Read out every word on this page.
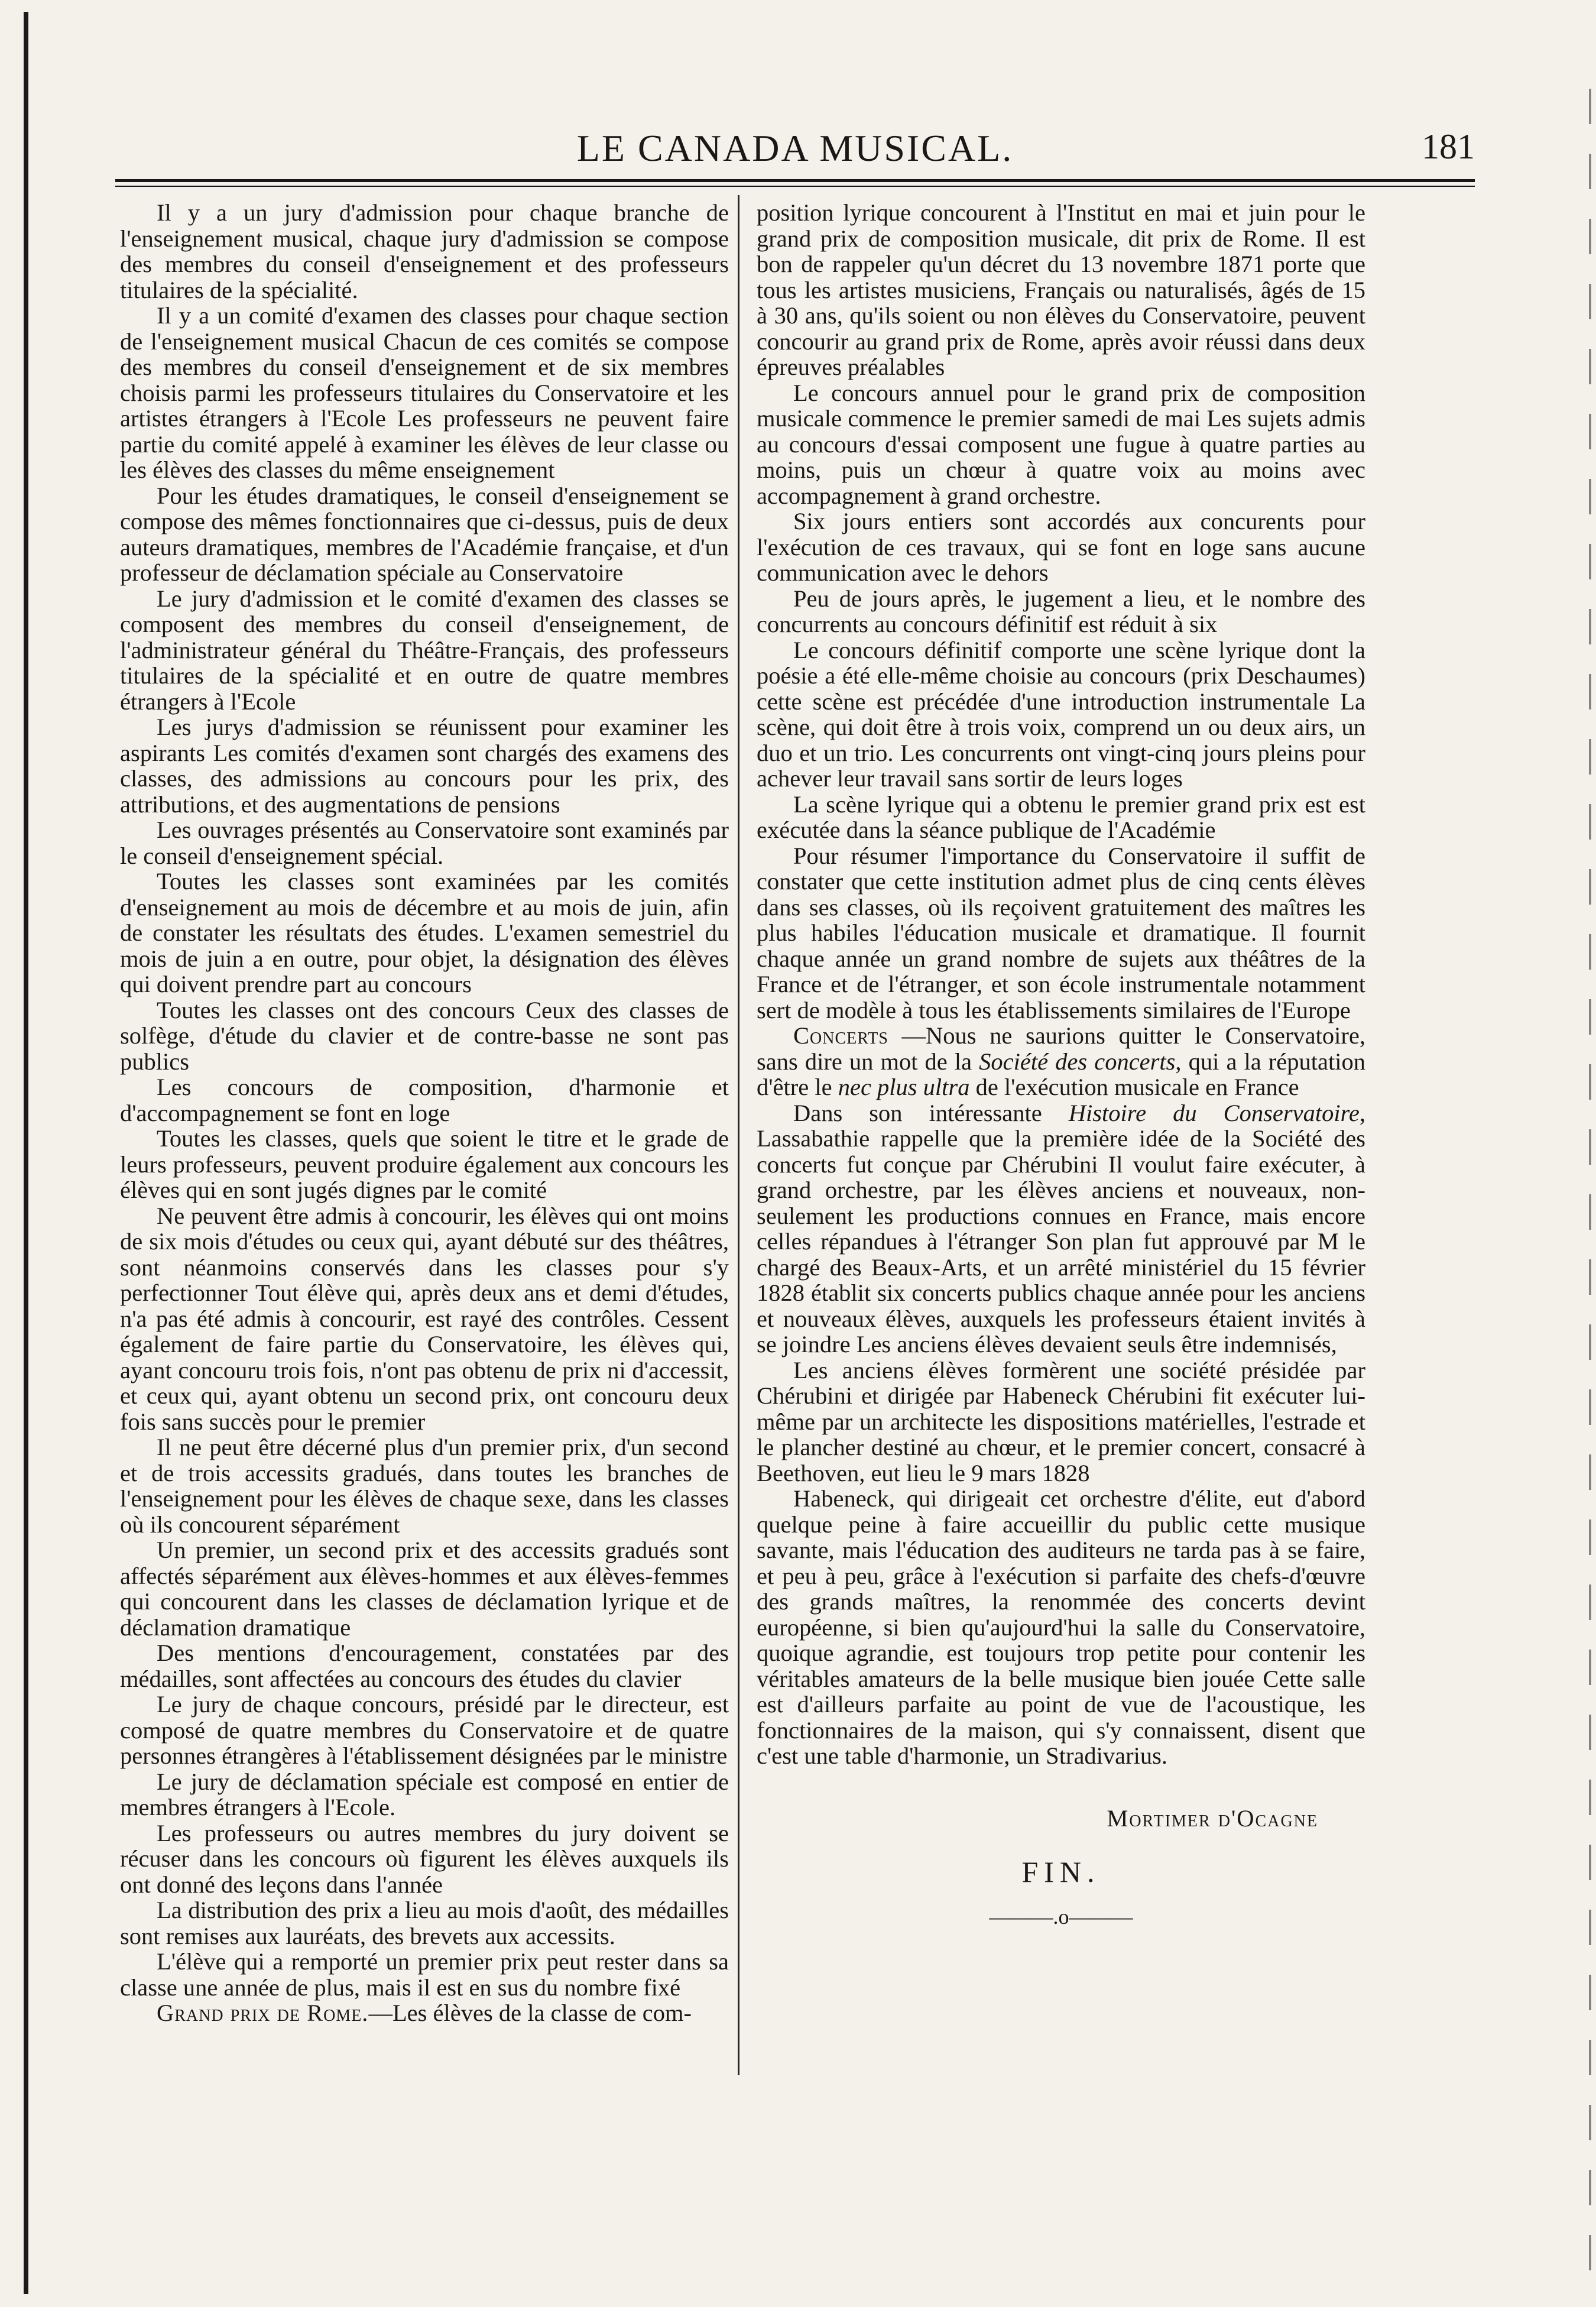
LE CANADA MUSICAL.	181

Il y a un jury d'admission pour chaque branche de l'enseignement musical, chaque jury d'admission se compose des membres du conseil d'enseignement et des professeurs titulaires de la spécialité.

Il y a un comité d'examen des classes pour chaque section de l'enseignement musical Chacun de ces comités se compose des membres du conseil d'enseignement et de six membres choisis parmi les professeurs titulaires du Conservatoire et les artistes étrangers à l'Ecole Les professeurs ne peuvent faire partie du comité appelé à examiner les élèves de leur classe ou les élèves des classes du même enseignement

Pour les études dramatiques, le conseil d'enseignement se compose des mêmes fonctionnaires que ci-dessus, puis de deux auteurs dramatiques, membres de l'Académie française, et d'un professeur de déclamation spéciale au Conservatoire

Le jury d'admission et le comité d'examen des classes se composent des membres du conseil d'enseignement, de l'administrateur général du Théâtre-Français, des professeurs titulaires de la spécialité et en outre de quatre membres étrangers à l'Ecole

Les jurys d'admission se réunissent pour examiner les aspirants Les comités d'examen sont chargés des examens des classes, des admissions au concours pour les prix, des attributions, et des augmentations de pensions

Les ouvrages présentés au Conservatoire sont examinés par le conseil d'enseignement spécial.

Toutes les classes sont examinées par les comités d'enseignement au mois de décembre et au mois de juin, afin de constater les résultats des études. L'examen semestriel du mois de juin a en outre, pour objet, la désignation des élèves qui doivent prendre part au concours

Toutes les classes ont des concours Ceux des classes de solfège, d'étude du clavier et de contre-basse ne sont pas publics

Les concours de composition, d'harmonie et d'accompagnement se font en loge

Toutes les classes, quels que soient le titre et le grade de leurs professeurs, peuvent produire également aux concours les élèves qui en sont jugés dignes par le comité

Ne peuvent être admis à concourir, les élèves qui ont moins de six mois d'études ou ceux qui, ayant débuté sur des théâtres, sont néanmoins conservés dans les classes pour s'y perfectionner Tout élève qui, après deux ans et demi d'études, n'a pas été admis à concourir, est rayé des contrôles. Cessent également de faire partie du Conservatoire, les élèves qui, ayant concouru trois fois, n'ont pas obtenu de prix ni d'accessit, et ceux qui, ayant obtenu un second prix, ont concouru deux fois sans succès pour le premier

Il ne peut être décerné plus d'un premier prix, d'un second et de trois accessits gradués, dans toutes les branches de l'enseignement pour les élèves de chaque sexe, dans les classes où ils concourent séparément

Un premier, un second prix et des accessits gradués sont affectés séparément aux élèves-hommes et aux élèves-femmes qui concourent dans les classes de déclamation lyrique et de déclamation dramatique

Des mentions d'encouragement, constatées par des médailles, sont affectées au concours des études du clavier

Le jury de chaque concours, présidé par le directeur, est composé de quatre membres du Conservatoire et de quatre personnes étrangères à l'établissement désignées par le ministre

Le jury de déclamation spéciale est composé en entier de membres étrangers à l'Ecole.

Les professeurs ou autres membres du jury doivent se récuser dans les concours où figurent les élèves auxquels ils ont donné des leçons dans l'année

La distribution des prix a lieu au mois d'août, des médailles sont remises aux lauréats, des brevets aux accessits.

L'élève qui a remporté un premier prix peut rester dans sa classe une année de plus, mais il est en sus du nombre fixé

Grand prix de Rome.—Les élèves de la classe de com-

position lyrique concourent à l'Institut en mai et juin pour le grand prix de composition musicale, dit prix de Rome. Il est bon de rappeler qu'un décret du 13 novembre 1871 porte que tous les artistes musiciens, Français ou naturalisés, âgés de 15 à 30 ans, qu'ils soient ou non élèves du Conservatoire, peuvent concourir au grand prix de Rome, après avoir réussi dans deux épreuves préalables

Le concours annuel pour le grand prix de composition musicale commence le premier samedi de mai Les sujets admis au concours d'essai composent une fugue à quatre parties au moins, puis un chœur à quatre voix au moins avec accompagnement à grand orchestre.

Six jours entiers sont accordés aux concurents pour l'exécution de ces travaux, qui se font en loge sans aucune communication avec le dehors

Peu de jours après, le jugement a lieu, et le nombre des concurrents au concours définitif est réduit à six

Le concours définitif comporte une scène lyrique dont la poésie a été elle-même choisie au concours (prix Deschaumes) cette scène est précédée d'une introduction instrumentale La scène, qui doit être à trois voix, comprend un ou deux airs, un duo et un trio. Les concurrents ont vingt-cinq jours pleins pour achever leur travail sans sortir de leurs loges

La scène lyrique qui a obtenu le premier grand prix est est exécutée dans la séance publique de l'Académie

Pour résumer l'importance du Conservatoire il suffit de constater que cette institution admet plus de cinq cents élèves dans ses classes, où ils reçoivent gratuitement des maîtres les plus habiles l'éducation musicale et dramatique. Il fournit chaque année un grand nombre de sujets aux théâtres de la France et de l'étranger, et son école instrumentale notamment sert de modèle à tous les établissements similaires de l'Europe

Concerts —Nous ne saurions quitter le Conservatoire, sans dire un mot de la Société des concerts, qui a la réputation d'être le nec plus ultra de l'exécution musicale en France

Dans son intéressante Histoire du Conservatoire, Lassabathie rappelle que la première idée de la Société des concerts fut conçue par Chérubini Il voulut faire exécuter, à grand orchestre, par les élèves anciens et nouveaux, non-seulement les productions connues en France, mais encore celles répandues à l'étranger Son plan fut approuvé par M le chargé des Beaux-Arts, et un arrêté ministériel du 15 février 1828 établit six concerts publics chaque année pour les anciens et nouveaux élèves, auxquels les professeurs étaient invités à se joindre Les anciens élèves devaient seuls être indemnisés,

Les anciens élèves formèrent une société présidée par Chérubini et dirigée par Habeneck Chérubini fit exécuter lui-même par un architecte les dispositions matérielles, l'estrade et le plancher destiné au chœur, et le premier concert, consacré à Beethoven, eut lieu le 9 mars 1828

Habeneck, qui dirigeait cet orchestre d'élite, eut d'abord quelque peine à faire accueillir du public cette musique savante, mais l'éducation des auditeurs ne tarda pas à se faire, et peu à peu, grâce à l'exécution si parfaite des chefs-d'œuvre des grands maîtres, la renommée des concerts devint européenne, si bien qu'aujourd'hui la salle du Conservatoire, quoique agrandie, est toujours trop petite pour contenir les véritables amateurs de la belle musique bien jouée Cette salle est d'ailleurs parfaite au point de vue de l'acoustique, les fonctionnaires de la maison, qui s'y connaissent, disent que c'est une table d'harmonie, un Stradivarius.

Mortimer d'Ocagne

FIN.

———.o———
